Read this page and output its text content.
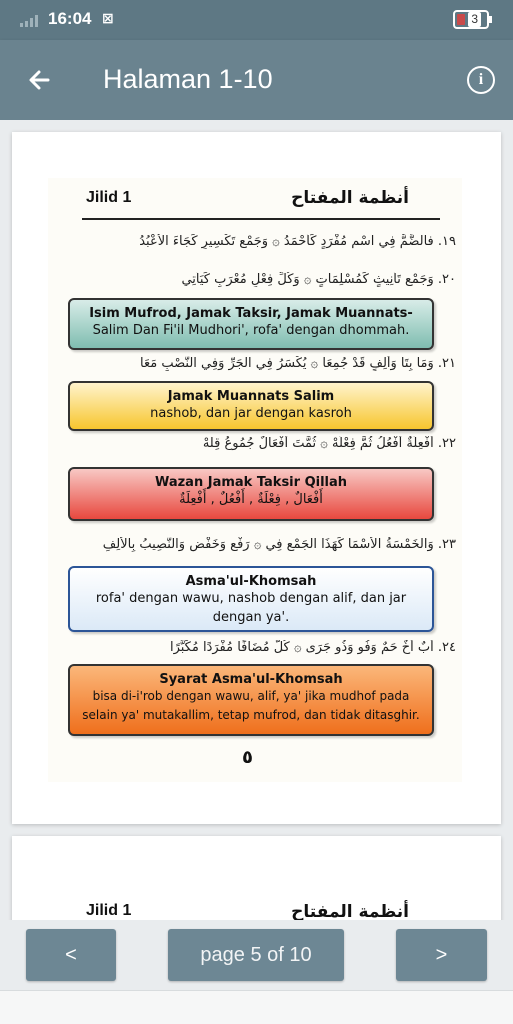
16:04 ⊠	3
Halaman 1-10	i
Jilid 1	أنظمة المفتاح
١٩. فالضَّمُّ فِي اسْمٍ مُفْرَدٍ كَأَحْمَدُ ۞ وَجَمْعِ تَكْسِيرٍ كَجَاءَ الأَعْبُدُ
٢٠. وَجَمْعِ تَأْنِيثٍ كَمُسْلِمَاتٍ ۞ وَكُلِّ فِعْلٍ مُعْرَبٍ كَيَأْتِي
Isim Mufrod, Jamak Taksir, Jamak Muannats-
Salim Dan Fi'il Mudhori', rofa' dengan dhommah.
٢١. وَمَا بِتَا وَأَلِفٍ قَدْ جُمِعَا ۞ يُكْسَرُ فِي الجَرِّ وَفِي النَّصْبِ مَعَا
Jamak Muannats Salim
nashob, dan jar dengan kasroh
٢٢. أَفْعِلَةٌ أَفْعُلُ ثُمَّ فِعْلَهْ ۞ ثُمَّتَ أَفْعَالٌ جُمُوعُ قِلَّهْ
Wazan Jamak Taksir Qillah
أَفْعَالٌ , فِعْلَةٌ , أَفْعُلٌ , أَفْعِلَةٌ
٢٣. وَالخَمْسَةُ الأَسْمَا كَهَذَا الجَمْعِ فِي ۞ رَفْعٍ وَخَفْضٍ وَالنَّصِيبُ بِالأَلِفِ
Asma'ul-Khomsah
rofa' dengan wawu, nashob dengan alif, dan jar
dengan ya'.
٢٤. أَبٌ أَخٌ حَمٌ وَفُو وَذُو جَرَى ۞ كُلٌّ مُضَافًا مُفْرَدًا مُكَبَّرًا
Syarat Asma'ul-Khomsah
bisa di-i'rob dengan wawu, alif, ya' jika mudhof pada
selain ya' mutakallim, tetap mufrod, dan tidak ditasghir.
٥
Jilid 1	أنظمة المفتاح
<	page 5 of 10	>
